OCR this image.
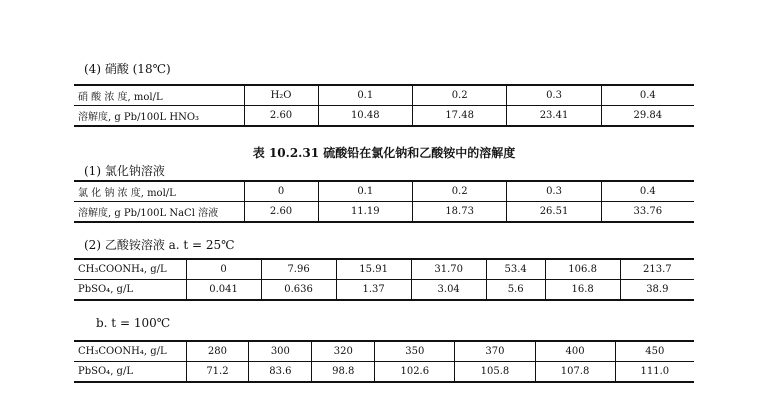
(4) 硝酸 (18℃)
硝 酸 浓 度, mol/L	H₂O	0.1	0.2	0.3	0.4
溶解度, g Pb/100L HNO₃	2.60	10.48	17.48	23.41	29.84
表 10.2.31 硫酸铅在氯化钠和乙酸铵中的溶解度
(1) 氯化钠溶液
氯 化 钠 浓 度, mol/L	0	0.1	0.2	0.3	0.4
溶解度, g Pb/100L NaCl 溶液	2.60	11.19	18.73	26.51	33.76
(2) 乙酸铵溶液 a. t = 25℃
CH₃COONH₄, g/L	0	7.96	15.91	31.70	53.4	106.8	213.7
PbSO₄, g/L	0.041	0.636	1.37	3.04	5.6	16.8	38.9
b. t = 100℃
CH₃COONH₄, g/L	280	300	320	350	370	400	450
PbSO₄, g/L	71.2	83.6	98.8	102.6	105.8	107.8	111.0
